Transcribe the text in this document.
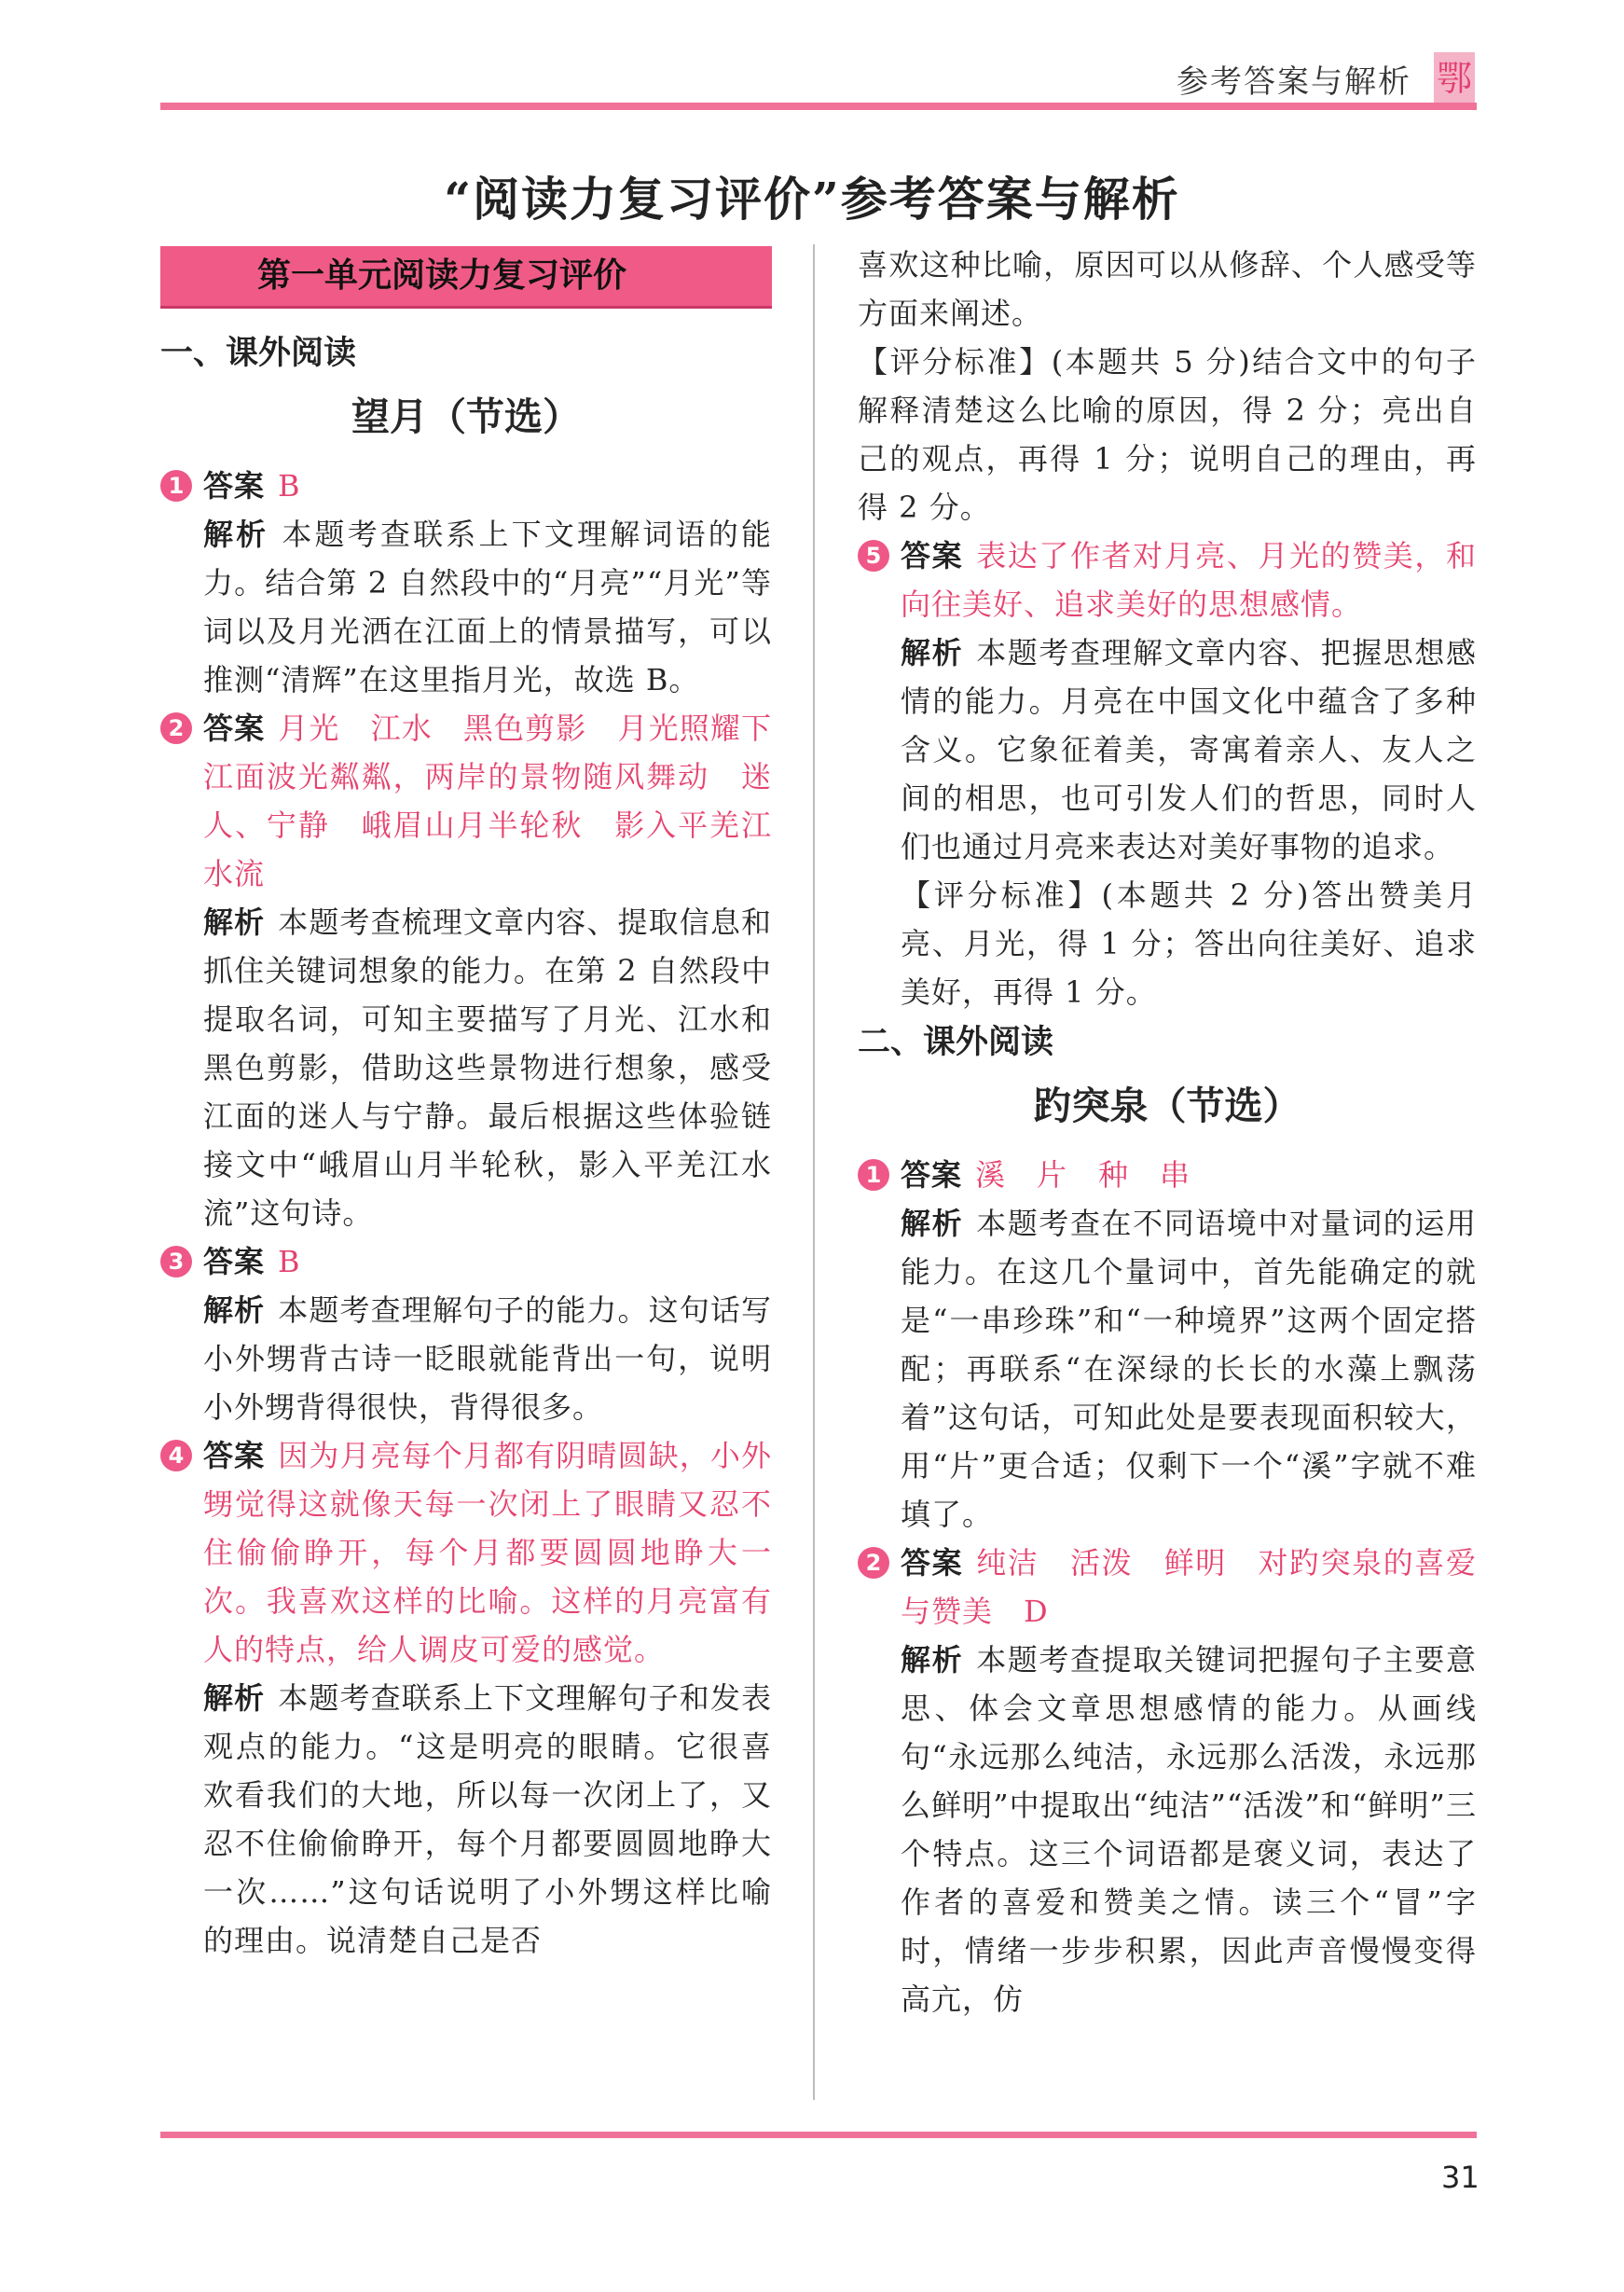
参考答案与解析 鄂
“阅读力复习评价”参考答案与解析
第一单元阅读力复习评价
一、课外阅读
望月（节选）
1 答案 B

解析 本题考查联系上下文理解词语的能力。结合第 2 自然段中的“月亮”“月光”等词以及月光洒在江面上的情景描写，可以推测“清辉”在这里指月光，故选 B。

2 答案 月光　江水　黑色剪影　月光照耀下江面波光粼粼，两岸的景物随风舞动　迷人、宁静　峨眉山月半轮秋　影入平羌江水流

解析 本题考查梳理文章内容、提取信息和抓住关键词想象的能力。在第 2 自然段中提取名词，可知主要描写了月光、江水和黑色剪影，借助这些景物进行想象，感受江面的迷人与宁静。最后根据这些体验链接文中“峨眉山月半轮秋，影入平羌江水流”这句诗。

3 答案 B

解析 本题考查理解句子的能力。这句话写小外甥背古诗一眨眼就能背出一句，说明小外甥背得很快，背得很多。

4 答案 因为月亮每个月都有阴晴圆缺，小外甥觉得这就像天每一次闭上了眼睛又忍不住偷偷睁开，每个月都要圆圆地睁大一次。我喜欢这样的比喻。这样的月亮富有人的特点，给人调皮可爱的感觉。

解析 本题考查联系上下文理解句子和发表观点的能力。“这是明亮的眼睛。它很喜欢看我们的大地，所以每一次闭上了，又忍不住偷偷睁开，每个月都要圆圆地睁大一次……”这句话说明了小外甥这样比喻的理由。说清楚自己是否

喜欢这种比喻，原因可以从修辞、个人感受等方面来阐述。

【评分标准】(本题共 5 分)结合文中的句子解释清楚这么比喻的原因，得 2 分；亮出自己的观点，再得 1 分；说明自己的理由，再得 2 分。

5 答案 表达了作者对月亮、月光的赞美，和向往美好、追求美好的思想感情。

解析 本题考查理解文章内容、把握思想感情的能力。月亮在中国文化中蕴含了多种含义。它象征着美，寄寓着亲人、友人之间的相思，也可引发人们的哲思，同时人们也通过月亮来表达对美好事物的追求。

【评分标准】(本题共 2 分)答出赞美月亮、月光，得 1 分；答出向往美好、追求美好，再得 1 分。

二、课外阅读
趵突泉（节选）
1 答案 溪　片　种　串

解析 本题考查在不同语境中对量词的运用能力。在这几个量词中，首先能确定的就是“一串珍珠”和“一种境界”这两个固定搭配；再联系“在深绿的长长的水藻上飘荡着”这句话，可知此处是要表现面积较大，用“片”更合适；仅剩下一个“溪”字就不难填了。

2 答案 纯洁　活泼　鲜明　对趵突泉的喜爱与赞美　D

解析 本题考查提取关键词把握句子主要意思、体会文章思想感情的能力。从画线句“永远那么纯洁，永远那么活泼，永远那么鲜明”中提取出“纯洁”“活泼”和“鲜明”三个特点。这三个词语都是褒义词，表达了作者的喜爱和赞美之情。读三个“冒”字时，情绪一步步积累，因此声音慢慢变得高亢，仿

31
